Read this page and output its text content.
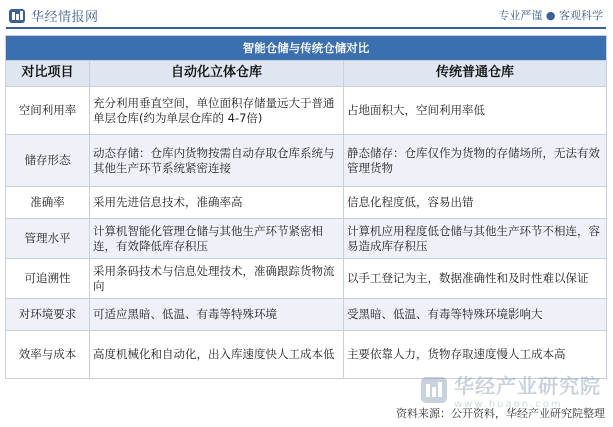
华经情报网	专业严谨 ● 客观科学
智能仓储与传统仓储对比		
对比项目	自动化立体仓库	传统普通仓库
空间利用率	充分利用垂直空间，单位面积存储量远大于普通单层仓库(约为单层仓库的 4-7倍)	占地面积大，空间利用率低
储存形态	动态存储：仓库内货物按需自动存取仓库系统与其他生产环节系统紧密连接	静态储存：仓库仅作为货物的存储场所，无法有效管理货物
准确率	采用先进信息技术，准确率高	信息化程度低，容易出错
管理水平	计算机智能化管理仓储与其他生产环节紧密相连，有效降低库存积压	计算机应用程度低仓储与其他生产环节不相连，容易造成库存积压
可追溯性	采用条码技术与信息处理技术，准确跟踪货物流向	以手工登记为主，数据准确性和及时性难以保证
对环境要求	可适应黑暗、低温、有毒等特殊环境	受黑暗、低温、有毒等特殊环境影响大
效率与成本	高度机械化和自动化，出入库速度快人工成本低	主要依靠人力，货物存取速度慢人工成本高
华经产业研究院
www.huaon.com
资料来源：公开资料，华经产业研究院整理
